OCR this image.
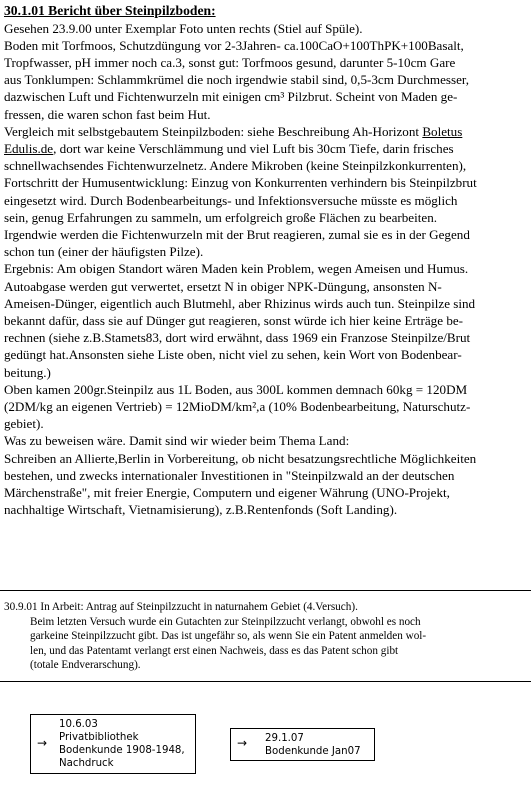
30.1.01 Bericht über Steinpilzboden:
Gesehen 23.9.00 unter Exemplar Foto unten rechts (Stiel auf Spüle).
Boden mit Torfmoos, Schutzdüngung vor 2-3Jahren- ca.100CaO+100ThPK+100Basalt,
Tropfwasser, pH immer noch ca.3, sonst gut: Torfmoos gesund, darunter 5-10cm Gare
aus Tonklumpen: Schlammkrümel die noch irgendwie stabil sind, 0,5-3cm Durchmesser,
dazwischen Luft und Fichtenwurzeln mit einigen cm³ Pilzbrut. Scheint von Maden ge-
fressen, die waren schon fast beim Hut.
Vergleich mit selbstgebautem Steinpilzboden: siehe Beschreibung Ah-Horizont Boletus
Edulis.de, dort war keine Verschlämmung und viel Luft bis 30cm Tiefe, darin frisches
schnellwachsendes Fichtenwurzelnetz. Andere Mikroben (keine Steinpilzkonkurrenten),
Fortschritt der Humusentwicklung: Einzug von Konkurrenten verhindern bis Steinpilzbrut
eingesetzt wird. Durch Bodenbearbeitungs- und Infektionsversuche müsste es möglich
sein, genug Erfahrungen zu sammeln, um erfolgreich große Flächen zu bearbeiten.
Irgendwie werden die Fichtenwurzeln mit der Brut reagieren, zumal sie es in der Gegend
schon tun (einer der häufigsten Pilze).
Ergebnis: Am obigen Standort wären Maden kein Problem, wegen Ameisen und Humus.
Autoabgase werden gut verwertet, ersetzt N in obiger NPK-Düngung, ansonsten N-
Ameisen-Dünger, eigentlich auch Blutmehl, aber Rhizinus wirds auch tun. Steinpilze sind
bekannt dafür, dass sie auf Dünger gut reagieren, sonst würde ich hier keine Erträge be-
rechnen (siehe z.B.Stamets83, dort wird erwähnt, dass 1969 ein Franzose Steinpilze/Brut
gedüngt hat.Ansonsten siehe Liste oben, nicht viel zu sehen, kein Wort von Bodenbear-
beitung.)
Oben kamen 200gr.Steinpilz aus 1L Boden, aus 300L kommen demnach 60kg = 120DM
(2DM/kg an eigenen Vertrieb) = 12MioDM/km²,a (10% Bodenbearbeitung, Naturschutz-
gebiet).
Was zu beweisen wäre. Damit sind wir wieder beim Thema Land:
Schreiben an Allierte,Berlin in Vorbereitung, ob nicht besatzungsrechtliche Möglichkeiten
bestehen, und zwecks internationaler Investitionen in "Steinpilzwald an der deutschen
Märchenstraße", mit freier Energie, Computern und eigener Währung (UNO-Projekt,
nachhaltige Wirtschaft, Vietnamisierung), z.B.Rentenfonds (Soft Landing).
30.9.01 In Arbeit: Antrag auf Steinpilzzucht in naturnahem Gebiet (4.Versuch).
Beim letzten Versuch wurde ein Gutachten zur Steinpilzzucht verlangt, obwohl es noch
garkeine Steinpilzzucht gibt. Das ist ungefähr so, als wenn Sie ein Patent anmelden wol-
len, und das Patentamt verlangt erst einen Nachweis, dass es das Patent schon gibt
(totale Endverarschung).
→
10.6.03
Privatbibliothek
Bodenkunde 1908-1948,
Nachdruck
→ 29.1.07
Bodenkunde Jan07
